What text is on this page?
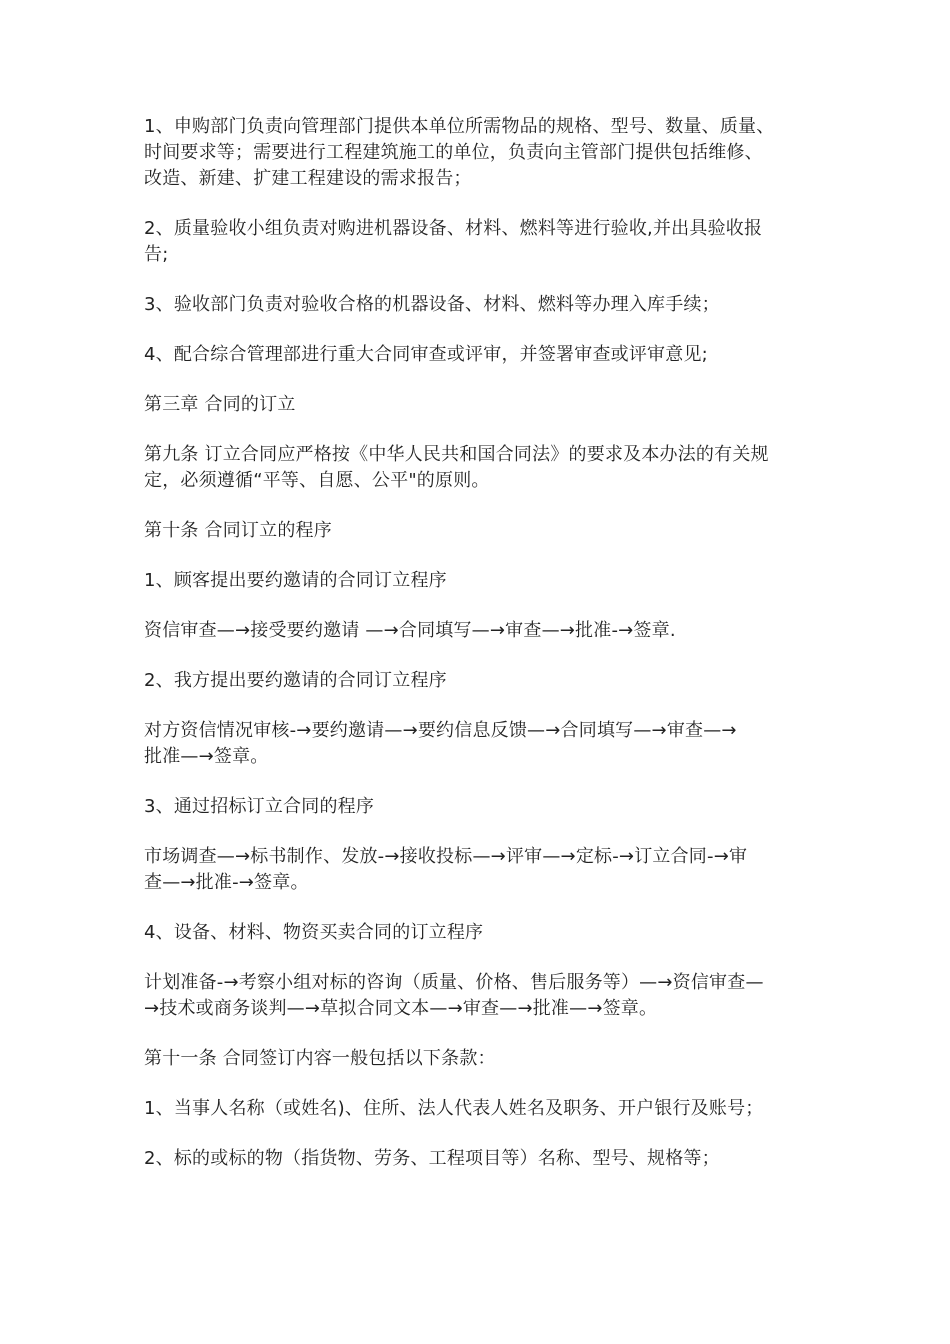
1、申购部门负责向管理部门提供本单位所需物品的规格、型号、数量、质量、
时间要求等；需要进行工程建筑施工的单位，负责向主管部门提供包括维修、
改造、新建、扩建工程建设的需求报告；

2、质量验收小组负责对购进机器设备、材料、燃料等进行验收,并出具验收报
告;

3、验收部门负责对验收合格的机器设备、材料、燃料等办理入库手续；

4、配合综合管理部进行重大合同审查或评审，并签署审查或评审意见;

第三章 合同的订立

第九条 订立合同应严格按《中华人民共和国合同法》的要求及本办法的有关规
定，必须遵循“平等、自愿、公平"的原则。

第十条 合同订立的程序

1、顾客提出要约邀请的合同订立程序

资信审查—→接受要约邀请 —→合同填写—→审查—→批准-→签章.

2、我方提出要约邀请的合同订立程序

对方资信情况审核-→要约邀请—→要约信息反馈—→合同填写—→审查—→
批准—→签章。

3、通过招标订立合同的程序

市场调查—→标书制作、发放-→接收投标—→评审—→定标-→订立合同-→审
查—→批准-→签章。

4、设备、材料、物资买卖合同的订立程序

计划准备-→考察小组对标的咨询（质量、价格、售后服务等）—→资信审查—
→技术或商务谈判—→草拟合同文本—→审查—→批准—→签章。

第十一条 合同签订内容一般包括以下条款：

1、当事人名称（或姓名)、住所、法人代表人姓名及职务、开户银行及账号；

2、标的或标的物（指货物、劳务、工程项目等）名称、型号、规格等；
